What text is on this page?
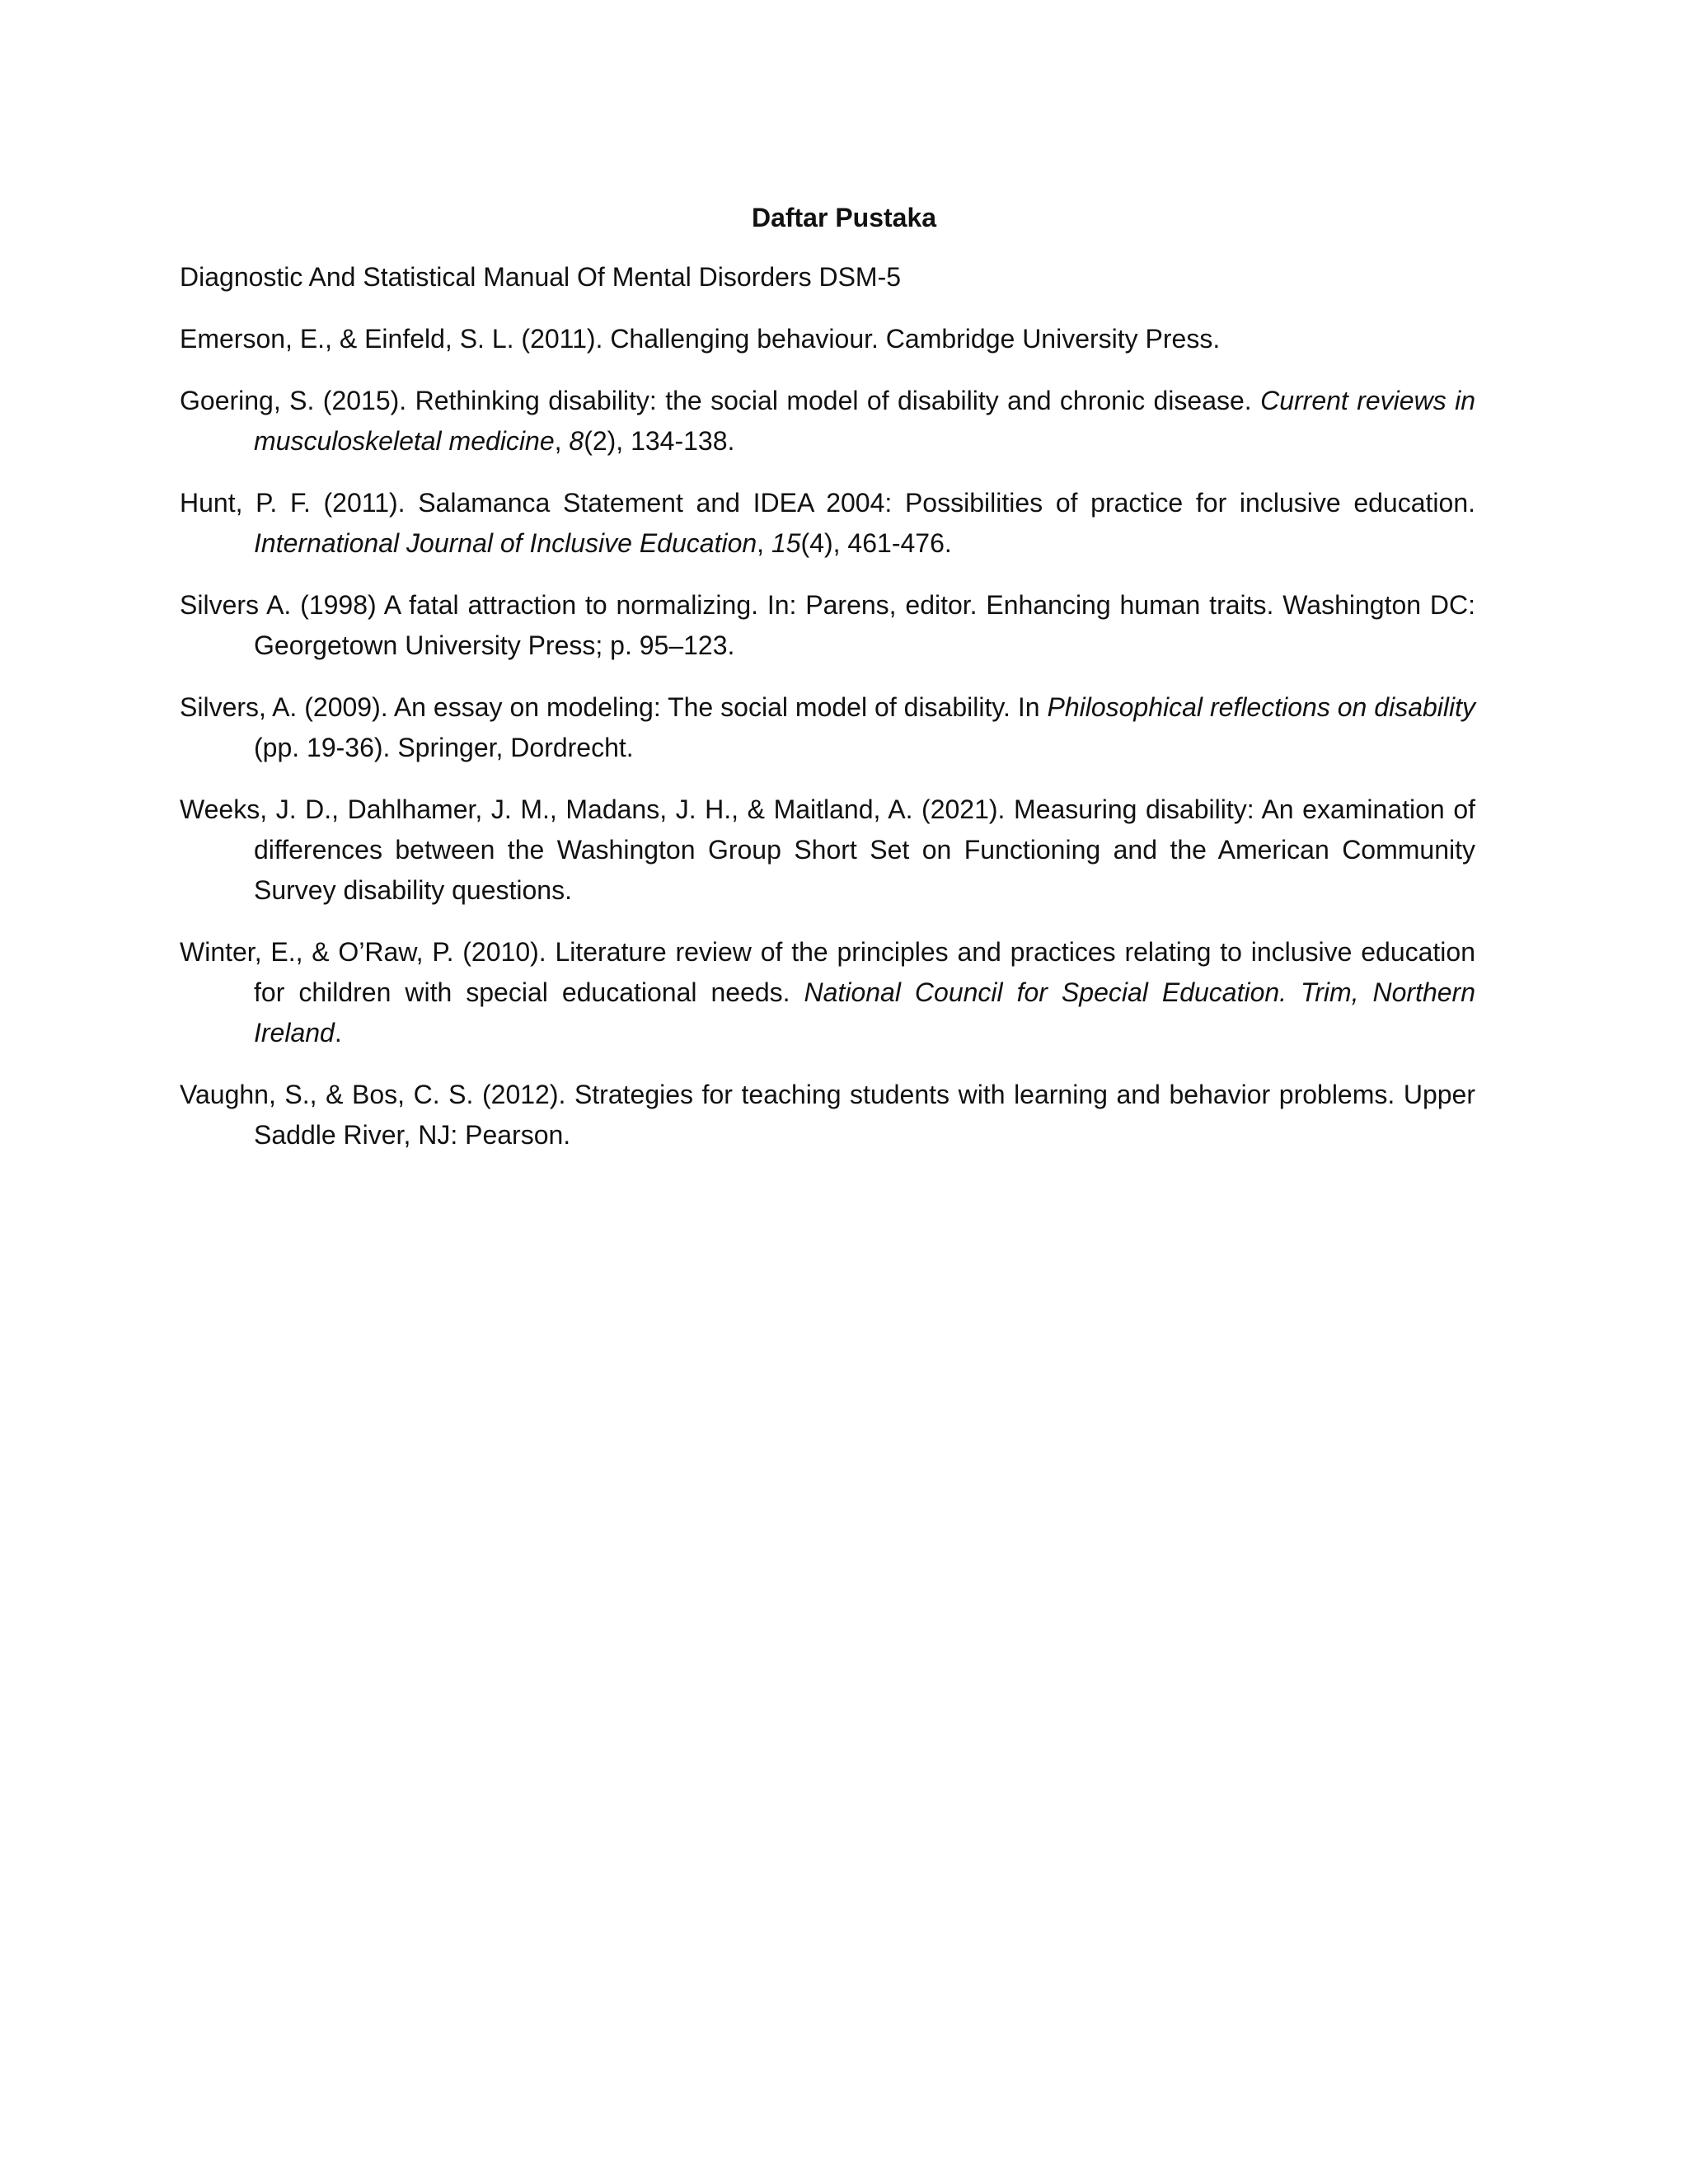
Daftar Pustaka
Diagnostic And Statistical Manual Of Mental Disorders DSM-5
Emerson, E., & Einfeld, S. L. (2011). Challenging behaviour. Cambridge University Press.
Goering, S. (2015). Rethinking disability: the social model of disability and chronic disease. Current reviews in musculoskeletal medicine, 8(2), 134-138.
Hunt, P. F. (2011). Salamanca Statement and IDEA 2004: Possibilities of practice for inclusive education. International Journal of Inclusive Education, 15(4), 461-476.
Silvers A. (1998) A fatal attraction to normalizing. In: Parens, editor. Enhancing human traits. Washington DC: Georgetown University Press; p. 95–123.
Silvers, A. (2009). An essay on modeling: The social model of disability. In Philosophical reflections on disability (pp. 19-36). Springer, Dordrecht.
Weeks, J. D., Dahlhamer, J. M., Madans, J. H., & Maitland, A. (2021). Measuring disability: An examination of differences between the Washington Group Short Set on Functioning and the American Community Survey disability questions.
Winter, E., & O’Raw, P. (2010). Literature review of the principles and practices relating to inclusive education for children with special educational needs. National Council for Special Education. Trim, Northern Ireland.
Vaughn, S., & Bos, C. S. (2012). Strategies for teaching students with learning and behavior problems. Upper Saddle River, NJ: Pearson.
